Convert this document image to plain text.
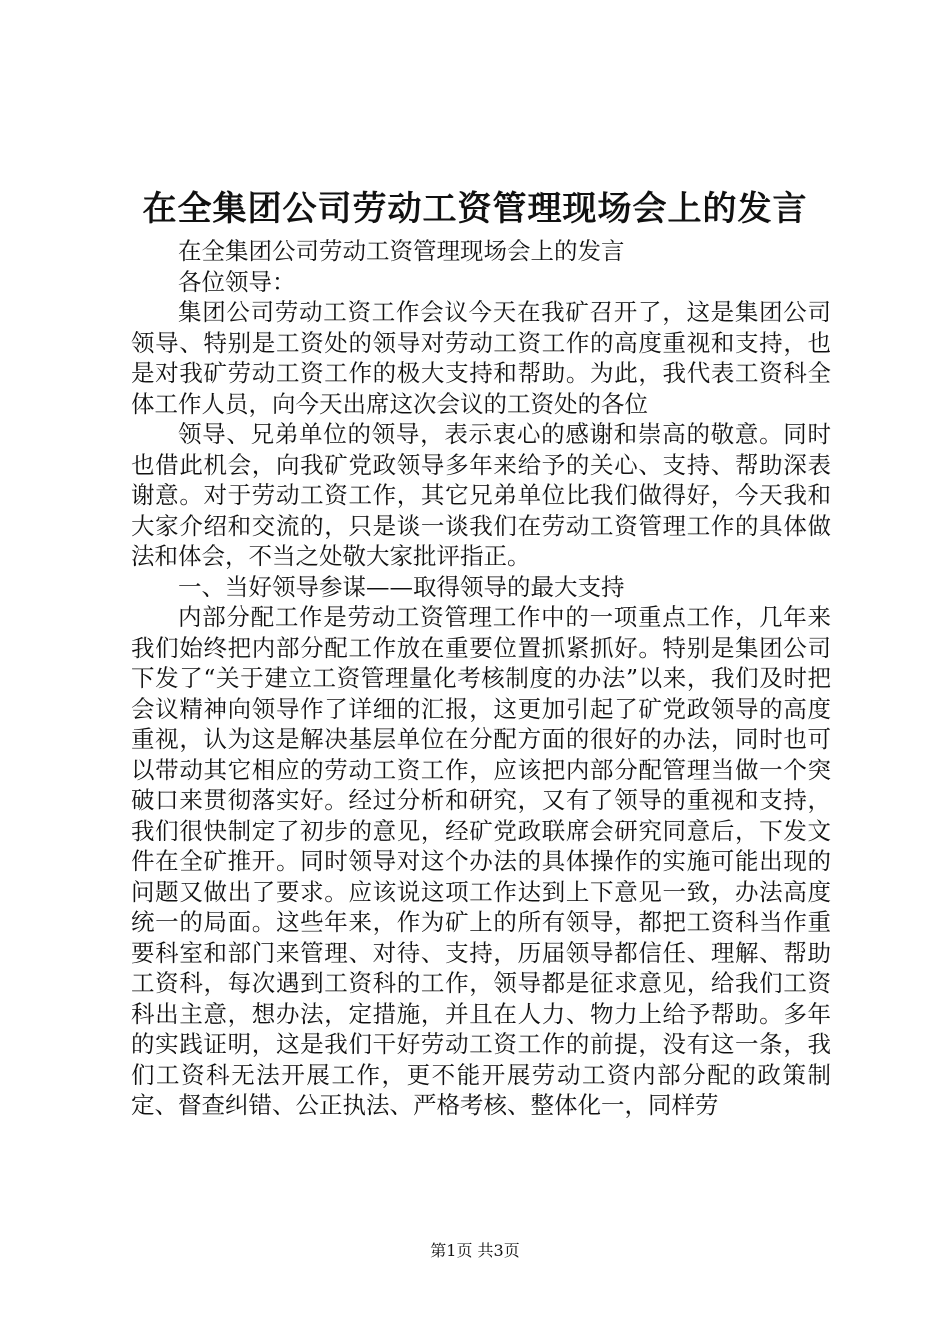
在全集团公司劳动工资管理现场会上的发言

在全集团公司劳动工资管理现场会上的发言

各位领导：

集团公司劳动工资工作会议今天在我矿召开了，这是集团公司领导、特别是工资处的领导对劳动工资工作的高度重视和支持，也是对我矿劳动工资工作的极大支持和帮助。为此，我代表工资科全体工作人员，向今天出席这次会议的工资处的各位

领导、兄弟单位的领导，表示衷心的感谢和崇高的敬意。同时也借此机会，向我矿党政领导多年来给予的关心、支持、帮助深表谢意。对于劳动工资工作，其它兄弟单位比我们做得好，今天我和大家介绍和交流的，只是谈一谈我们在劳动工资管理工作的具体做法和体会，不当之处敬大家批评指正。

一、当好领导参谋——取得领导的最大支持

内部分配工作是劳动工资管理工作中的一项重点工作，几年来我们始终把内部分配工作放在重要位置抓紧抓好。特别是集团公司下发了“关于建立工资管理量化考核制度的办法”以来，我们及时把会议精神向领导作了详细的汇报，这更加引起了矿党政领导的高度重视，认为这是解决基层单位在分配方面的很好的办法，同时也可以带动其它相应的劳动工资工作，应该把内部分配管理当做一个突破口来贯彻落实好。经过分析和研究，又有了领导的重视和支持，我们很快制定了初步的意见，经矿党政联席会研究同意后，下发文件在全矿推开。同时领导对这个办法的具体操作的实施可能出现的问题又做出了要求。应该说这项工作达到上下意见一致，办法高度统一的局面。这些年来，作为矿上的所有领导，都把工资科当作重要科室和部门来管理、对待、支持，历届领导都信任、理解、帮助工资科，每次遇到工资科的工作，领导都是征求意见，给我们工资科出主意，想办法，定措施，并且在人力、物力上给予帮助。多年的实践证明，这是我们干好劳动工资工作的前提，没有这一条，我们工资科无法开展工作，更不能开展劳动工资内部分配的政策制定、督查纠错、公正执法、严格考核、整体化一，同样劳

第1页 共3页
